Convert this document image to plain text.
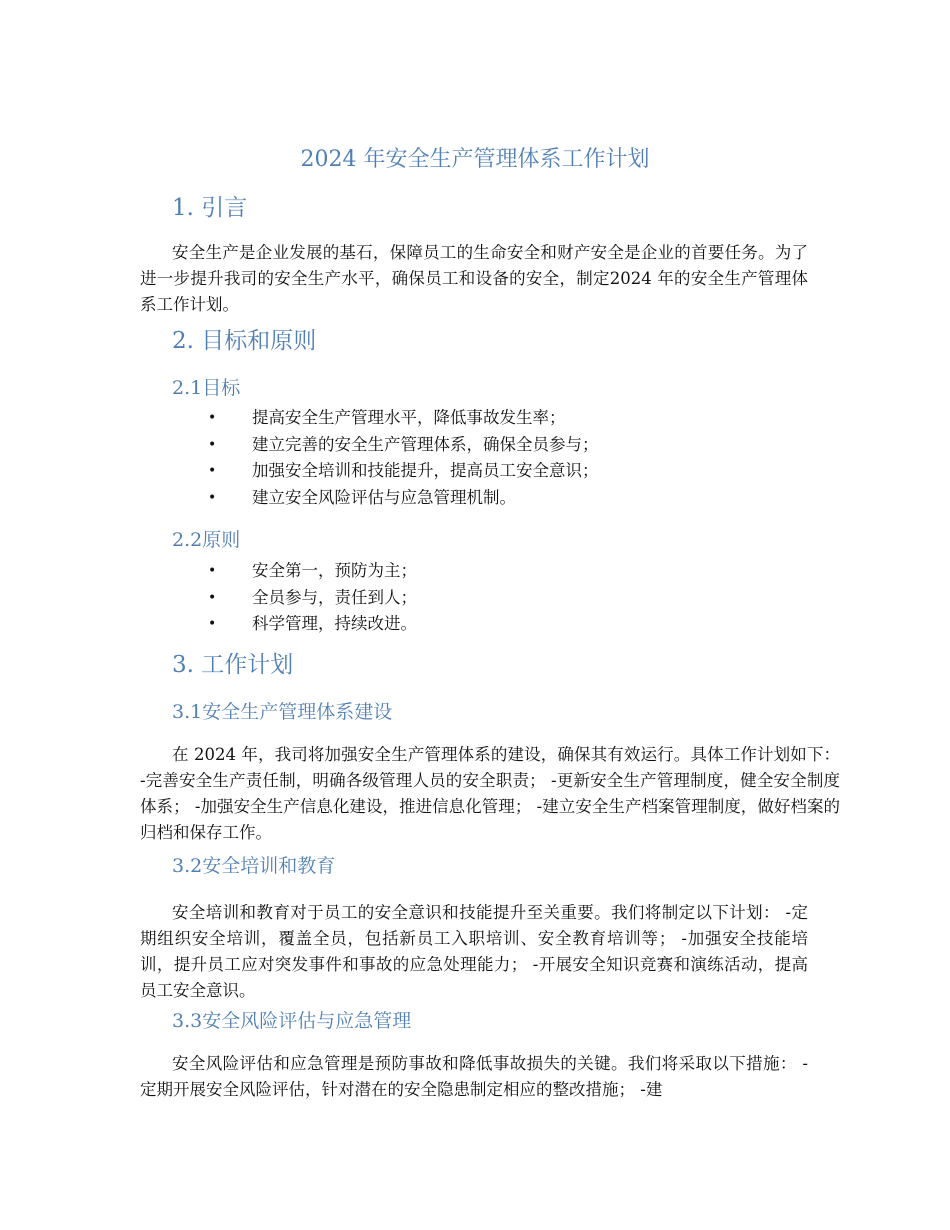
2024 年安全生产管理体系工作计划
1. 引言
安全生产是企业发展的基石，保障员工的生命安全和财产安全是企业的首要任务。为了进一步提升我司的安全生产水平，确保员工和设备的安全，制定2024 年的安全生产管理体系工作计划。
2. 目标和原则
2.1目标
• 提高安全生产管理水平，降低事故发生率；
• 建立完善的安全生产管理体系，确保全员参与；
• 加强安全培训和技能提升，提高员工安全意识；
• 建立安全风险评估与应急管理机制。
2.2原则
• 安全第一，预防为主；
• 全员参与，责任到人；
• 科学管理，持续改进。
3. 工作计划
3.1安全生产管理体系建设
在 2024 年，我司将加强安全生产管理体系的建设，确保其有效运行。具体工作计划如下： -完善安全生产责任制，明确各级管理人员的安全职责； -更新安全生产管理制度，健全安全制度体系； -加强安全生产信息化建设，推进信息化管理； -建立安全生产档案管理制度，做好档案的归档和保存工作。
3.2安全培训和教育
安全培训和教育对于员工的安全意识和技能提升至关重要。我们将制定以下计划： -定期组织安全培训，覆盖全员，包括新员工入职培训、安全教育培训等； -加强安全技能培训，提升员工应对突发事件和事故的应急处理能力； -开展安全知识竞赛和演练活动，提高员工安全意识。
3.3安全风险评估与应急管理
安全风险评估和应急管理是预防事故和降低事故损失的关键。我们将采取以下措施： -定期开展安全风险评估，针对潜在的安全隐患制定相应的整改措施； -建
